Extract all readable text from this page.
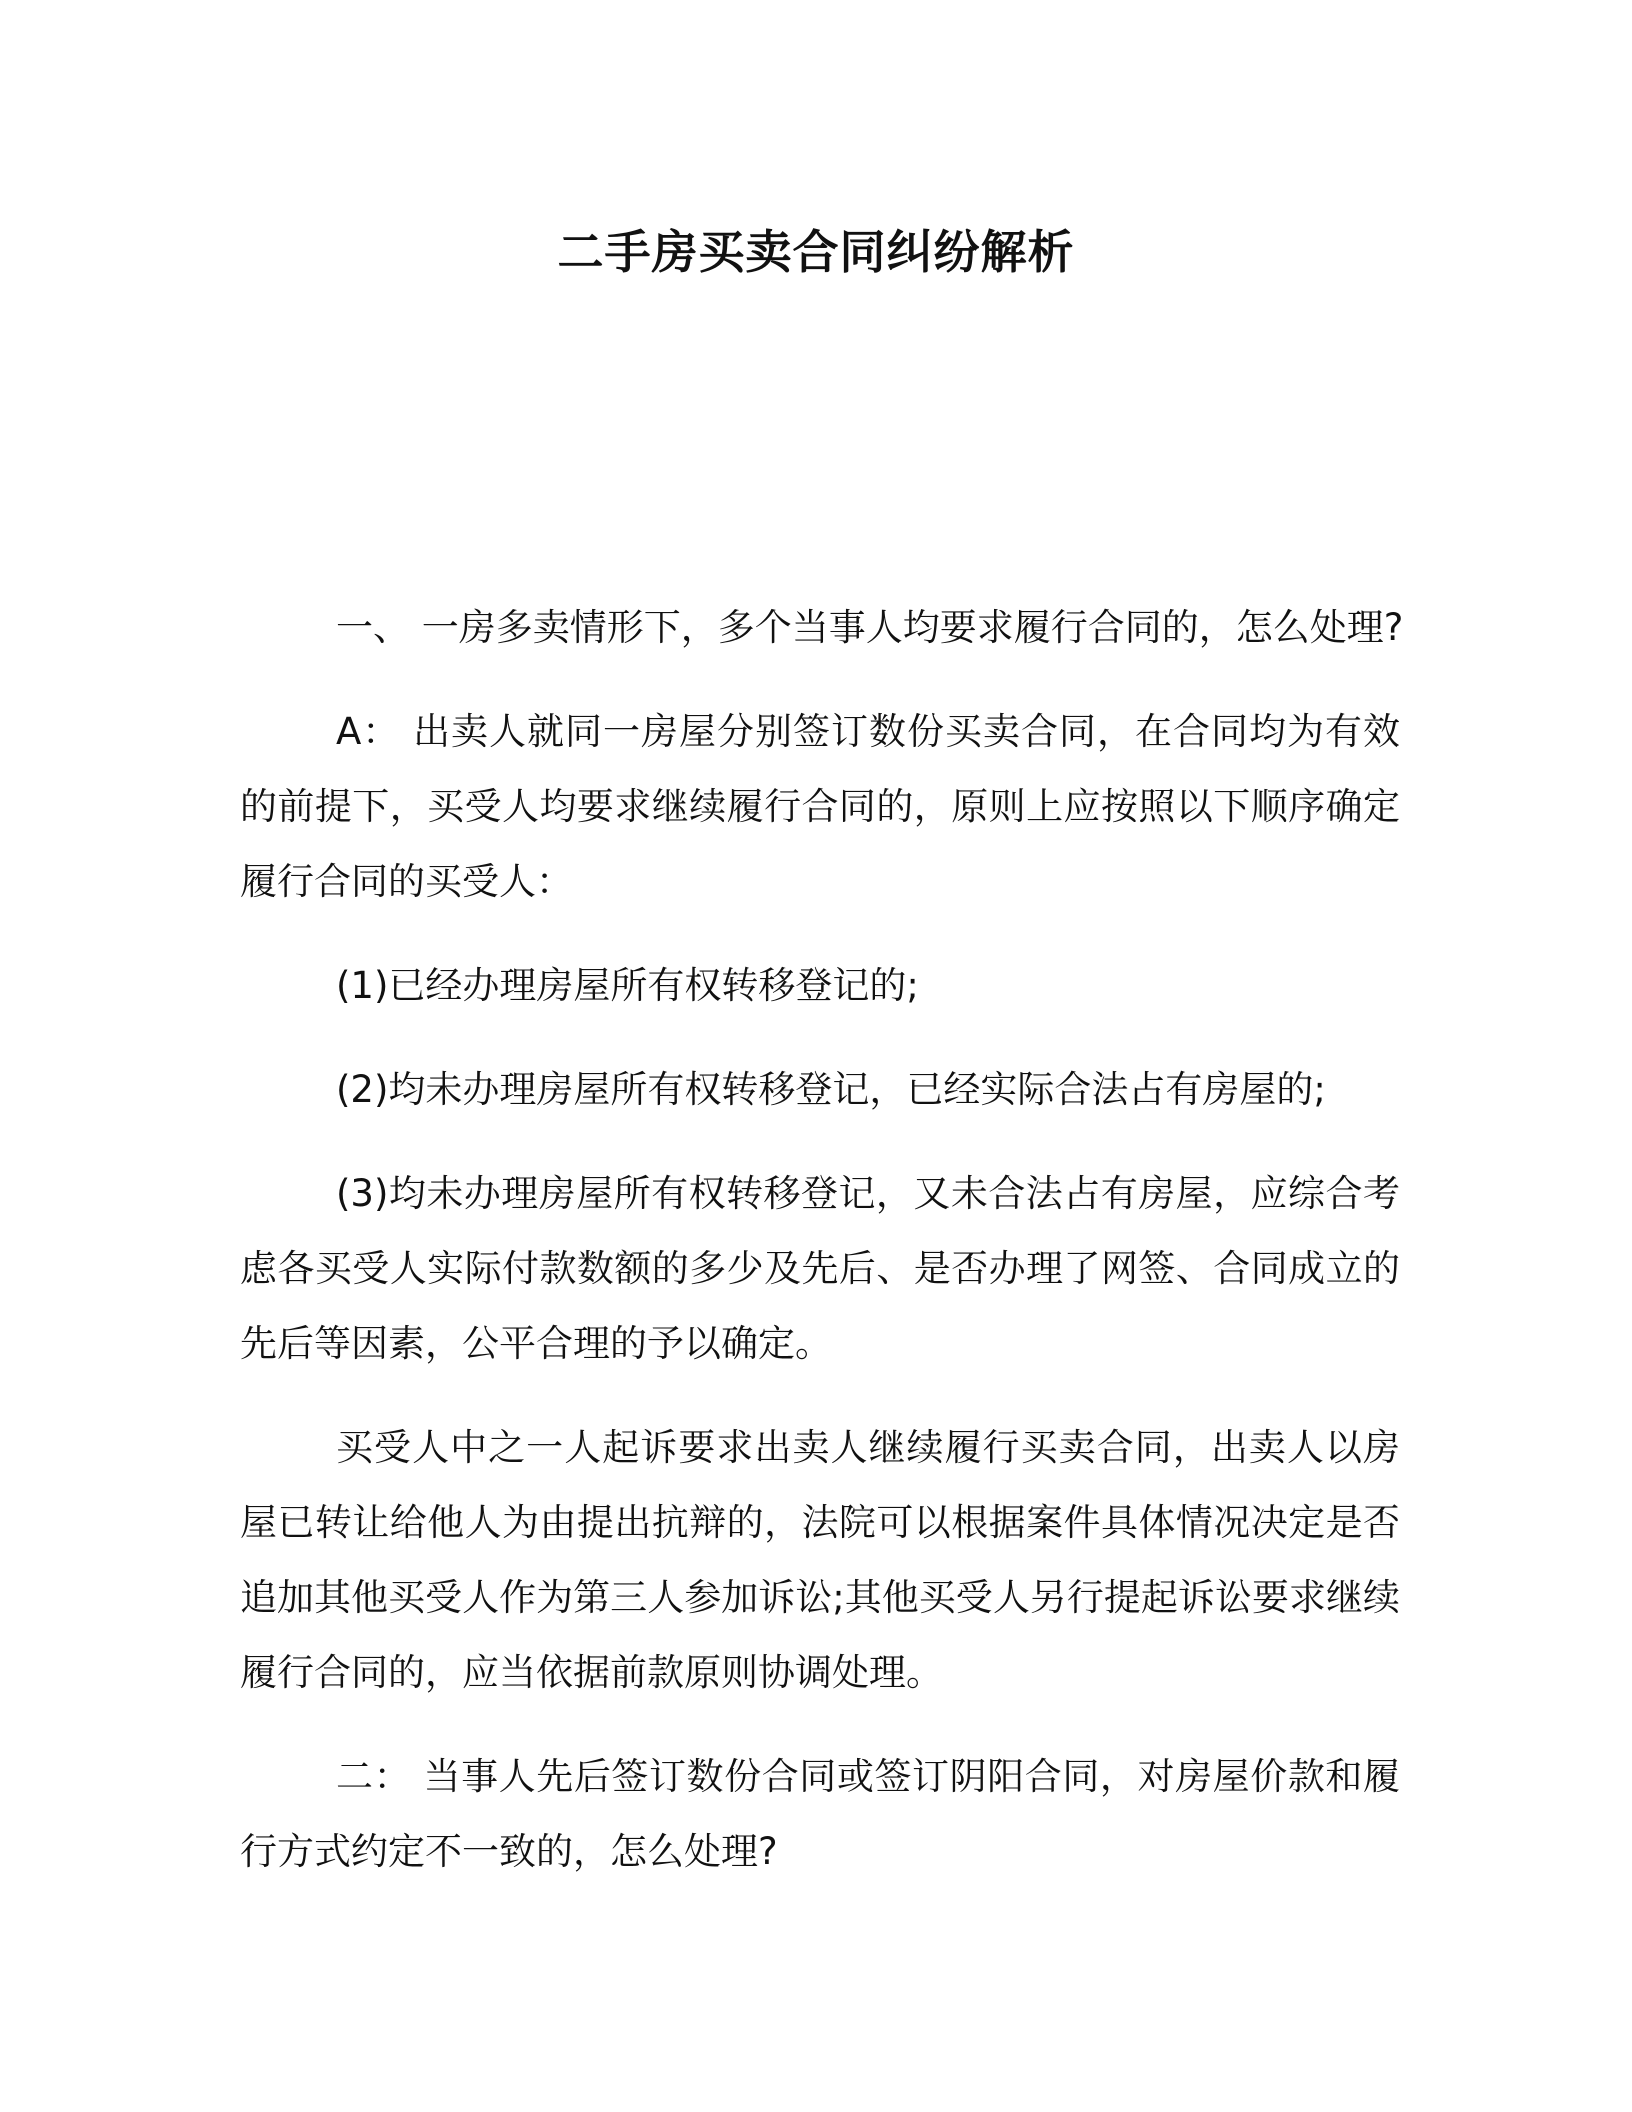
二手房买卖合同纠纷解析

一、 一房多卖情形下，多个当事人均要求履行合同的，怎么处理?

A： 出卖人就同一房屋分别签订数份买卖合同，在合同均为有效的前提下，买受人均要求继续履行合同的，原则上应按照以下顺序确定履行合同的买受人：

(1)已经办理房屋所有权转移登记的;

(2)均未办理房屋所有权转移登记，已经实际合法占有房屋的;

(3)均未办理房屋所有权转移登记，又未合法占有房屋，应综合考虑各买受人实际付款数额的多少及先后、是否办理了网签、合同成立的先后等因素，公平合理的予以确定。

买受人中之一人起诉要求出卖人继续履行买卖合同，出卖人以房屋已转让给他人为由提出抗辩的，法院可以根据案件具体情况决定是否追加其他买受人作为第三人参加诉讼;其他买受人另行提起诉讼要求继续履行合同的，应当依据前款原则协调处理。

二： 当事人先后签订数份合同或签订阴阳合同，对房屋价款和履行方式约定不一致的，怎么处理?
